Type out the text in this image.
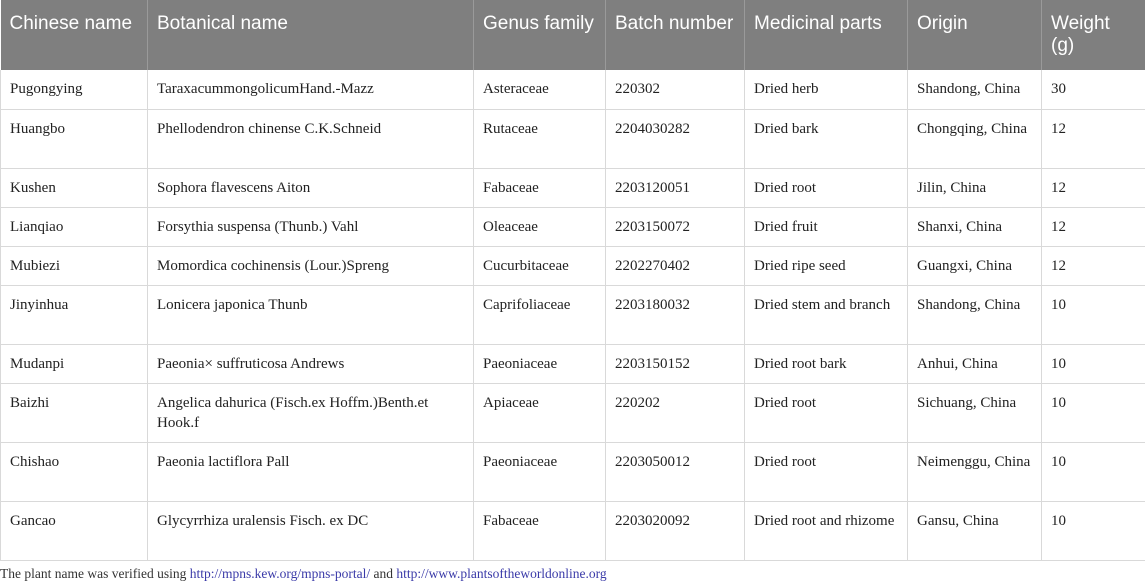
Chinese name	Botanical name	Genus family	Batch number	Medicinal parts	Origin	Weight (g)
Pugongying	TaraxacummongolicumHand.-Mazz	Asteraceae	220302	Dried herb	Shandong, China	30
Huangbo	Phellodendron chinense C.K.Schneid	Rutaceae	2204030282	Dried bark	Chongqing, China	12
Kushen	Sophora flavescens Aiton	Fabaceae	2203120051	Dried root	Jilin, China	12
Lianqiao	Forsythia suspensa (Thunb.) Vahl	Oleaceae	2203150072	Dried fruit	Shanxi, China	12
Mubiezi	Momordica cochinensis (Lour.)Spreng	Cucurbitaceae	2202270402	Dried ripe seed	Guangxi, China	12
Jinyinhua	Lonicera japonica Thunb	Caprifoliaceae	2203180032	Dried stem and branch	Shandong, China	10
Mudanpi	Paeonia× suffruticosa Andrews	Paeoniaceae	2203150152	Dried root bark	Anhui, China	10
Baizhi	Angelica dahurica (Fisch.ex Hoffm.)Benth.et Hook.f	Apiaceae	220202	Dried root	Sichuang, China	10
Chishao	Paeonia lactiflora Pall	Paeoniaceae	2203050012	Dried root	Neimenggu, China	10
Gancao	Glycyrrhiza uralensis Fisch. ex DC	Fabaceae	2203020092	Dried root and rhizome	Gansu, China	10
The plant name was verified using http://mpns.kew.org/mpns-portal/ and http://www.plantsoftheworldonline.org
